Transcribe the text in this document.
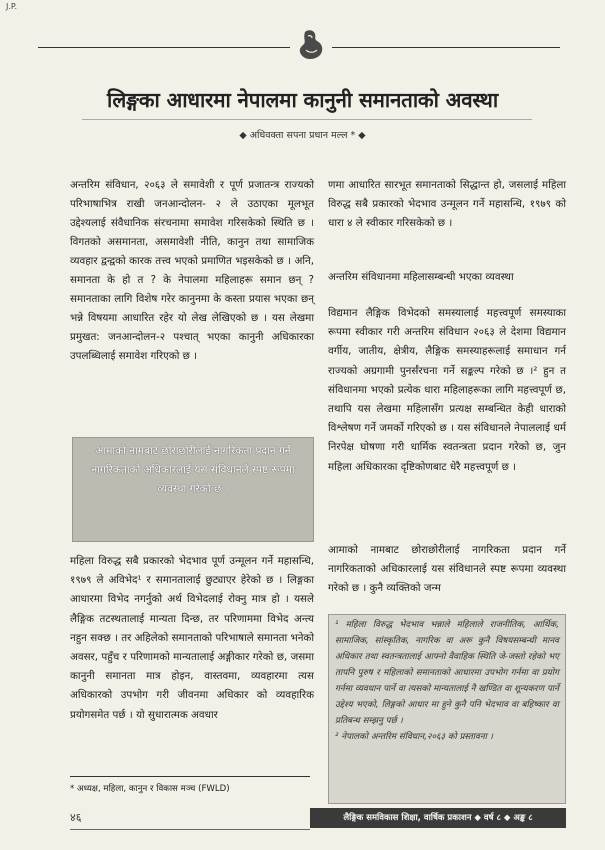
J.P.
लिङ्गका आधारमा नेपालमा कानुनी समानताको अवस्था
◆ अधिवक्ता सपना प्रधान मल्ल * ◆

अन्तरिम संविधान, २०६३ ले समावेशी र पूर्ण प्रजातन्त्र राज्यको परिभाषाभित्र राखी जनआन्दोलन- २ ले उठाएका मूलभूत उद्देश्यलाई संवैधानिक संरचनामा समावेश गरिसकेको स्थिति छ । विगतको असमानता, असमावेशी नीति, कानुन तथा सामाजिक व्यवहार द्वन्द्वको कारक तत्त्व भएको प्रमाणित भइसकेको छ । अनि, समानता के हो त ? के नेपालमा महिलाहरू समान छन् ? समानताका लागि विशेष गरेर कानुनमा के कस्ता प्रयास भएका छन् भन्ने विषयमा आधारित रहेर यो लेख लेखिएको छ । यस लेखमा प्रमुखत: जनआन्दोलन-२ पश्चात् भएका कानुनी अधिकारका उपलब्धिलाई समावेश गरिएको छ ।

आमाको नामबाट छोराछोरीलाई नागरिकता प्रदान गर्ने नागरिकताको अधिकारलाई यस संविधानले स्पष्ट रूपमा व्यवस्था गरेको छ ।
महिला विरुद्ध सबै प्रकारको भेदभाव पूर्ण उन्मूलन गर्ने महासन्धि, १९७९ ले अविभेद¹ र समानतालाई छुट्याएर हेरेको छ । लिङ्गका आधारमा विभेद नगर्नुको अर्थ विभेदलाई रोक्नु मात्र हो । यसले लैङ्गिक तटस्थतालाई मान्यता दिन्छ, तर परिणाममा विभेद अन्त्य नहुन सक्छ । तर अहिलेको समानताको परिभाषाले समानता भनेको अवसर, पहुँच र परिणामको मान्यतालाई अङ्गीकार गरेको छ, जसमा कानुनी समानता मात्र होइन, वास्तवमा, व्यवहारमा त्यस अधिकारको उपभोग गरी जीवनमा अधिकार को व्यवहारिक प्रयोगसमेत पर्छ । यो सुधारात्मक अवधार
* अध्यक्ष, महिला, कानुन र विकास मञ्च (FWLD)

णमा आधारित सारभूत समानताको सिद्धान्त हो, जसलाई महिला विरुद्ध सबै प्रकारको भेदभाव उन्मूलन गर्ने महासन्धि, १९७९ को धारा ४ ले स्वीकार गरिसकेको छ ।

अन्तरिम संविधानमा महिलासम्बन्धी भएका व्यवस्था
विद्यमान लैङ्गिक विभेदको समस्यालाई महत्त्वपूर्ण समस्याका रूपमा स्वीकार गरी अन्तरिम संविधान २०६३ ले देशमा विद्यमान वर्गीय, जातीय, क्षेत्रीय, लैङ्गिक समस्याहरूलाई समाधान गर्न राज्यको अग्रगामी पुनर्संरचना गर्ने सङ्कल्प गरेको छ ।² हुन त संविधानमा भएको प्रत्येक धारा महिलाहरूका लागि महत्त्वपूर्ण छ, तथापि यस लेखमा महिलासँग प्रत्यक्ष सम्बन्धित केही धाराको विश्लेषण गर्ने जमर्को गरिएको छ । यस संविधानले नेपाललाई धर्म निरपेक्ष घोषणा गरी धार्मिक स्वतन्त्रता प्रदान गरेको छ, जुन महिला अधिकारका दृष्टिकोणबाट धेरै महत्त्वपूर्ण छ ।
आमाको नामबाट छोराछोरीलाई नागरिकता प्रदान गर्ने नागरिकताको अधिकारलाई यस संविधानले स्पष्ट रूपमा व्यवस्था गरेको छ । कुनै व्यक्तिको जन्म
¹ महिला विरुद्ध भेदभाव भन्नाले महिलाले राजनीतिक, आर्थिक, सामाजिक, सांस्कृतिक, नागरिक वा अरू कुनै विषयसम्बन्धी मानव अधिकार तथा स्वतन्त्रतालाई आफ्नो वैवाहिक स्थिति जे-जस्तो रहेको भए तापनि पुरुष र महिलाको समानताको आधारमा उपभोग गर्नमा वा प्रयोग गर्नमा व्यवधान पार्ने वा त्यसको मान्यतालाई नै खण्डित वा शून्यकरण पार्ने उद्देश्य भएको, लिङ्गको आधार मा हुने कुनै पनि भेदभाव वा बहिष्कार वा प्रतिबन्ध सम्झनु पर्छ ।
² नेपालको अन्तरिम संविधान,२०६३ को प्रस्तावना ।
४६	लैङ्गिक समविकास शिक्षा, वार्षिक प्रकाशन ◆ वर्ष ८ ◆ अङ्क ८
